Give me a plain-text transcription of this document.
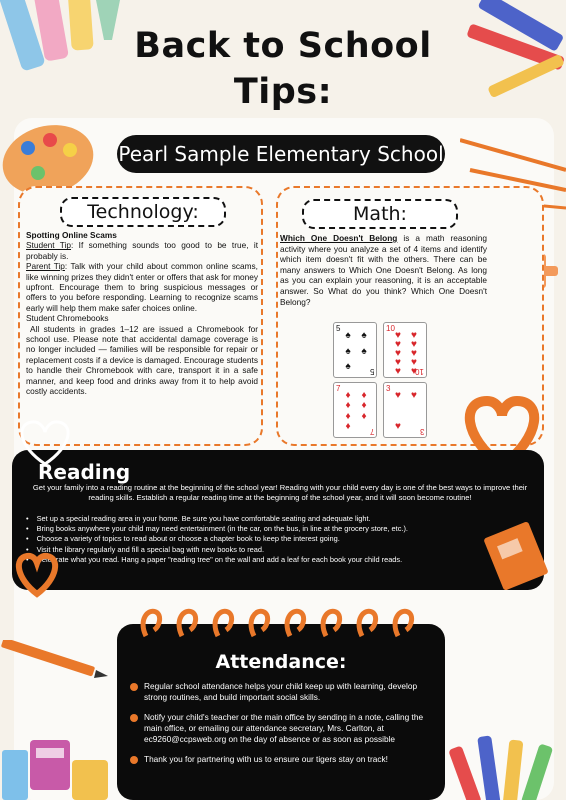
Back to School
Tips:
Pearl Sample Elementary School
Technology:

Spotting Online Scams

Student Tip: If something sounds too good to be true, it probably is.

Parent Tip: Talk with your child about common online scams, like winning prizes they didn't enter or offers that ask for money upfront. Encourage them to bring suspicious messages or offers to you before responding. Learning to recognize scams early will help them make safer choices online.

Student Chromebooks

All students in grades 1–12 are issued a Chromebook for school use. Please note that accidental damage coverage is no longer included — families will be responsible for repair or replacement costs if a device is damaged. Encourage students to handle their Chromebook with care, transport it in a safe manner, and keep food and drinks away from it to help avoid costly accidents.

Math:
Which One Doesn't Belong is a math reasoning activity where you analyze a set of 4 items and identify which item doesn't fit with the others. There can be many answers to Which One Doesn't Belong. As long as you can explain your reasoning, it is an acceptable answer. So What do you think? Which One Doesn't Belong?
5
♠ ♠
♠ ♠
♠ 5
10
♥ ♥
♥ ♥
♥ ♥
♥ ♥
♥ ♥
10
7
♦ ♦
♦ ♦
♦ ♦
♦ 7
3
♥ ♥
♥ 3
Reading
Get your family into a reading routine at the beginning of the school year! Reading with your child every day is one of the best ways to improve their reading skills. Establish a regular reading time at the beginning of the school year, and it will soon become routine!
• Set up a special reading area in your home. Be sure you have comfortable seating and adequate light.
• Bring books anywhere your child may need entertainment (in the car, on the bus, in line at the grocery store, etc.).
• Choose a variety of topics to read about or choose a chapter book to keep the interest going.
• Visit the library regularly and fill a special bag with new books to read.
• Celebrate what you read. Hang a paper "reading tree" on the wall and add a leaf for each book your child reads.
Attendance:
Regular school attendance helps your child keep up with learning, develop strong routines, and build important social skills.
Notify your child's teacher or the main office by sending in a note, calling the main office, or emailing our attendance secretary, Mrs. Carlton, at ec9260@ccpsweb.org on the day of absence or as soon as possible
Thank you for partnering with us to ensure our tigers stay on track!
